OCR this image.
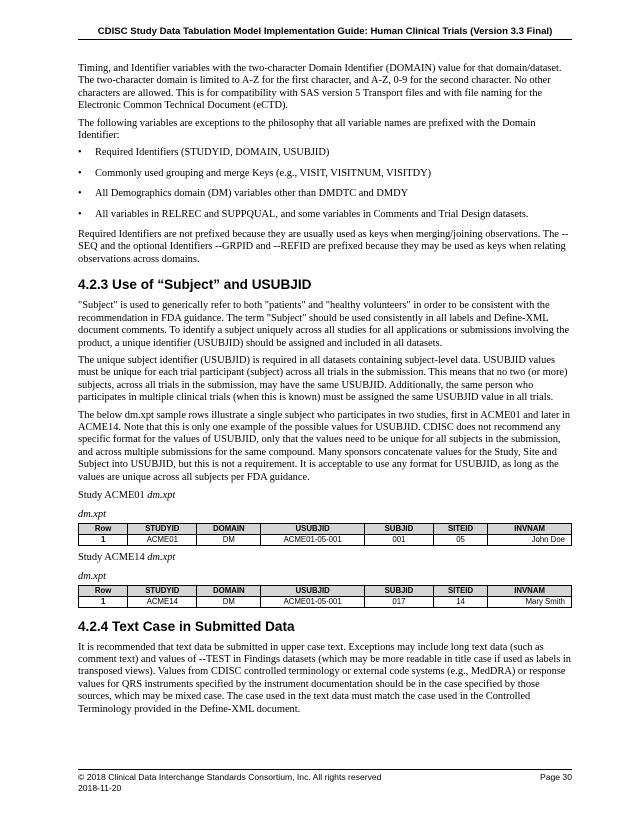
CDISC Study Data Tabulation Model Implementation Guide: Human Clinical Trials (Version 3.3 Final)

Timing, and Identifier variables with the two-character Domain Identifier (DOMAIN) value for that domain/dataset. The two-character domain is limited to A-Z for the first character, and A-Z, 0-9 for the second character. No other characters are allowed. This is for compatibility with SAS version 5 Transport files and with file naming for the Electronic Common Technical Document (eCTD).

The following variables are exceptions to the philosophy that all variable names are prefixed with the Domain Identifier:

• Required Identifiers (STUDYID, DOMAIN, USUBJID)
• Commonly used grouping and merge Keys (e.g., VISIT, VISITNUM, VISITDY)
• All Demographics domain (DM) variables other than DMDTC and DMDY
• All variables in RELREC and SUPPQUAL, and some variables in Comments and Trial Design datasets.

Required Identifiers are not prefixed because they are usually used as keys when merging/joining observations. The --SEQ and the optional Identifiers --GRPID and --REFID are prefixed because they may be used as keys when relating observations across domains.

4.2.3 Use of “Subject” and USUBJID

"Subject" is used to generically refer to both "patients" and "healthy volunteers" in order to be consistent with the recommendation in FDA guidance. The term "Subject" should be used consistently in all labels and Define-XML document comments. To identify a subject uniquely across all studies for all applications or submissions involving the product, a unique identifier (USUBJID) should be assigned and included in all datasets.

The unique subject identifier (USUBJID) is required in all datasets containing subject-level data. USUBJID values must be unique for each trial participant (subject) across all trials in the submission. This means that no two (or more) subjects, across all trials in the submission, may have the same USUBJID. Additionally, the same person who participates in multiple clinical trials (when this is known) must be assigned the same USUBJID value in all trials.

The below dm.xpt sample rows illustrate a single subject who participates in two studies, first in ACME01 and later in ACME14. Note that this is only one example of the possible values for USUBJID. CDISC does not recommend any specific format for the values of USUBJID, only that the values need to be unique for all subjects in the submission, and across multiple submissions for the same compound. Many sponsors concatenate values for the Study, Site and Subject into USUBJID, but this is not a requirement. It is acceptable to use any format for USUBJID, as long as the values are unique across all subjects per FDA guidance.

Study ACME01 dm.xpt
dm.xpt
Row	STUDYID	DOMAIN	USUBJID	SUBJID	SITEID	INVNAM
1	ACME01	DM	ACME01-05-001	001	05	John Doe
Study ACME14 dm.xpt
dm.xpt
Row	STUDYID	DOMAIN	USUBJID	SUBJID	SITEID	INVNAM
1	ACME14	DM	ACME01-05-001	017	14	Mary Smith
4.2.4 Text Case in Submitted Data

It is recommended that text data be submitted in upper case text. Exceptions may include long text data (such as comment text) and values of --TEST in Findings datasets (which may be more readable in title case if used as labels in transposed views). Values from CDISC controlled terminology or external code systems (e.g., MedDRA) or response values for QRS instruments specified by the instrument documentation should be in the case specified by those sources, which may be mixed case. The case used in the text data must match the case used in the Controlled Terminology provided in the Define-XML document.

© 2018 Clinical Data Interchange Standards Consortium, Inc. All rights reserved	Page 30
2018-11-20
